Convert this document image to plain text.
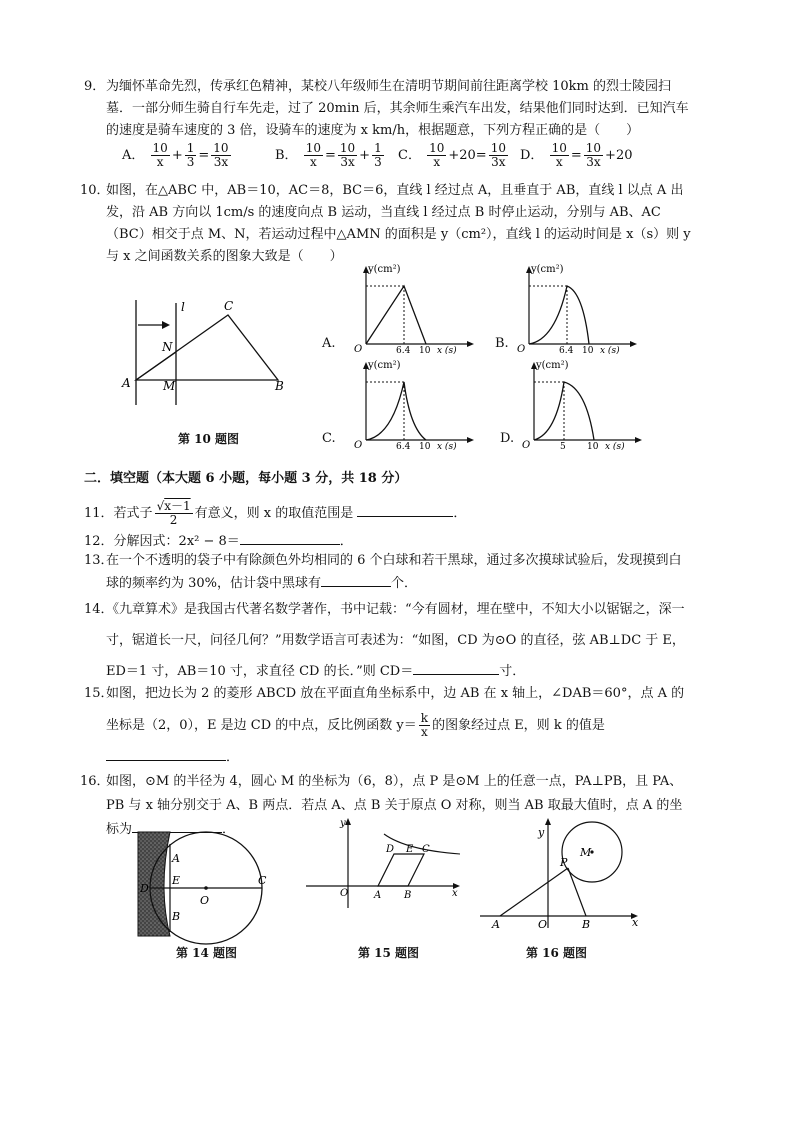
9． 为缅怀革命先烈，传承红色精神，某校八年级师生在清明节期间前往距离学校 10km 的烈士陵园扫墓．一部分师生骑自行车先走，过了 20min 后，其余师生乘汽车出发，结果他们同时达到．已知汽车的速度是骑车速度的 3 倍，设骑车的速度为 x km/h，根据题意，下列方程正确的是（　　）
A． $\frac{10}{x} + \frac{1}{3} = \frac{10}{3x}$	B． $\frac{10}{x} = \frac{10}{3x} + \frac{1}{3}$ C． $\frac{10}{x} +20= \frac{10}{3x}$ D． $\frac{10}{x} = \frac{10}{3x} +20$
10．
如图，在△ABC 中，AB＝10，AC＝8，BC＝6，直线 l 经过点 A，且垂直于 AB，直线 l 以点 A 出发，沿 AB 方向以 1cm/s 的速度向点 B 运动，当直线 l 经过点 B 时停止运动，分别与 AB、AC（BC）相交于点 M、N，若运动过程中△AMN 的面积是 y（cm²），直线 l 的运动时间是 x（s）则 y 与 x 之间函数关系的图象大致是（　　）
C
N
A	M	B
l
第 10 题图
A.
y(cm²)
O	6.4 10 x (s)	B.
y(cm²)
O	6.4 10 x (s)
C.
y(cm²)
O	6.4 10 x (s)
D.
y(cm²)
O	5 10 x (s)
二．填空题（本大题 6 小题，每小题 3 分，共 18 分）
11．若式子 $\frac{√x-1}{2}$ 有意义，则 x 的取值范围是	．
12．分解因式：2x² − 8＝	．
13．
在一个不透明的袋子中有除颜色外均相同的 6 个白球和若干黑球，通过多次摸球试验后，发现摸到白球的频率约为 30%，估计袋中黑球有	个．
14．
《九章算术》是我国古代著名数学著作，书中记载：“今有圆材，埋在壁中，不知大小以锯锯之，深一寸，锯道长一尺，问径几何？”用数学语言可表述为：“如图，CD 为⊙O 的直径，弦 AB⊥DC 于 E，ED＝1 寸，AB＝10 寸，求直径 CD 的长．”则 CD＝	寸．
15．
如图，把边长为 2 的菱形 ABCD 放在平面直角坐标系中，边 AB 在 x 轴上，∠DAB＝60°，点 A 的坐标是（2，0），E 是边 CD 的中点，反比例函数 $y= \frac{k}{x}$ 的图象经过点 E，则 k 的值是．
16．
如图，⊙M 的半径为 4，圆心 M 的坐标为（6，8），点 P 是⊙M 上的任意一点，PA⊥PB，且 PA、PB 与 x 轴分别交于 A、B 两点．若点 A、点 B 关于原点 O 对称，则当 AB 取最大值时，点 A 的坐标为	．
A
B
C
D
E
O
第 14 题图
y
x
O	A B
C
D E
第 15 题图
y
x
O
A	B
P
M
第 16 题图
